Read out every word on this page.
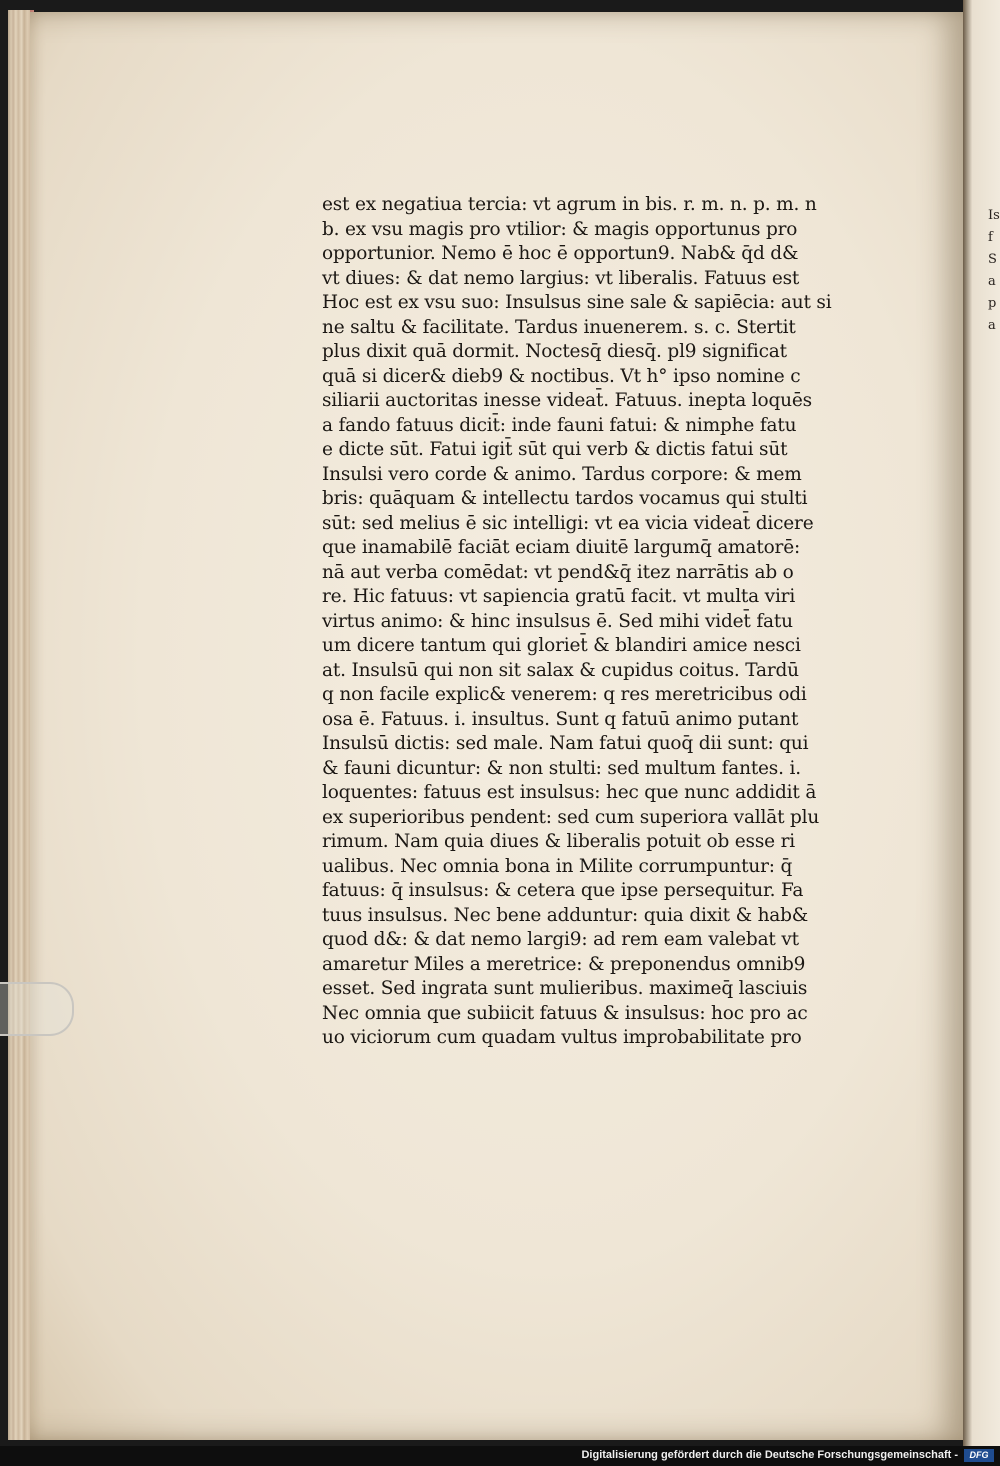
Is
f
S
a
p
a
est ex negatiua tercia: vt agrum in bis. r. m. n. p. m. n
b. ex vsu magis pro vtilior: & magis opportunus pro
opportunior. Nemo ē hoc ē opportun9. Nab& q̄d d&
vt diues: & dat nemo largius: vt liberalis. Fatuus est
Hoc est ex vsu suo: Insulsus sine sale & sapiēcia: aut si
ne saltu & facilitate. Tardus inuenerem. s. c. Stertit
plus dixit quā dormit. Noctesq̄ diesq̄. pl9 significat
quā si dicer& dieb9 & noctibus. Vt h° ipso nomine c
siliarii auctoritas inesse videat̄. Fatuus. inepta loquēs
a fando fatuus dicit̄: inde fauni fatui: & nimphe fatu
e dicte sūt. Fatui igit̄ sūt qui verb & dictis fatui sūt
Insulsi vero corde & animo. Tardus corpore: & mem
bris: quāquam & intellectu tardos vocamus qui stulti
sūt: sed melius ē sic intelligi: vt ea vicia videat̄ dicere
que inamabilē faciāt eciam diuitē largumq̄ amatorē:
nā aut verba comēdat: vt pend&q̄ itez narrātis ab o
re. Hic fatuus: vt sapiencia gratū facit. vt multa viri
virtus animo: & hinc insulsus ē. Sed mihi videt̄ fatu
um dicere tantum qui gloriet̄ & blandiri amice nesci
at. Insulsū qui non sit salax & cupidus coitus. Tardū
q non facile explic& venerem: q res meretricibus odi
osa ē. Fatuus. i. insultus. Sunt q fatuū animo putant
Insulsū dictis: sed male. Nam fatui quoq̄ dii sunt: qui
& fauni dicuntur: & non stulti: sed multum fantes. i.
loquentes: fatuus est insulsus: hec que nunc addidit ā
ex superioribus pendent: sed cum superiora vallāt plu
rimum. Nam quia diues & liberalis potuit ob esse ri
ualibus. Nec omnia bona in Milite corrumpuntur: q̄
fatuus: q̄ insulsus: & cetera que ipse persequitur. Fa
tuus insulsus. Nec bene adduntur: quia dixit & hab&
quod d&: & dat nemo largi9: ad rem eam valebat vt
amaretur Miles a meretrice: & preponendus omnib9
esset. Sed ingrata sunt mulieribus. maximeq̄ lasciuis
Nec omnia que subiicit fatuus & insulsus: hoc pro ac
uo viciorum cum quadam vultus improbabilitate pro
Digitalisierung gefördert durch die Deutsche Forschungsgemeinschaft -	DFG
